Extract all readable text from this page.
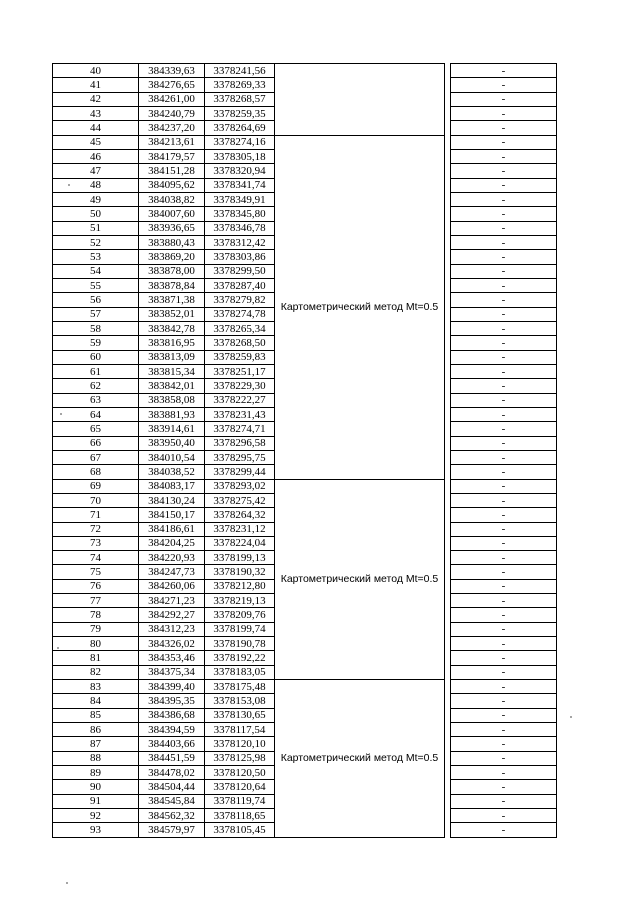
40	384339,63	3378241,56			-
41	384276,65	3378269,33			-
42	384261,00	3378268,57			-
43	384240,79	3378259,35			-
44	384237,20	3378264,69			-
45	384213,61	3378274,16	Картометрический метод Mt=0.5		-
46	384179,57	3378305,18			-
47	384151,28	3378320,94			-
48	384095,62	3378341,74			-
49	384038,82	3378349,91			-
50	384007,60	3378345,80			-
51	383936,65	3378346,78			-
52	383880,43	3378312,42			-
53	383869,20	3378303,86			-
54	383878,00	3378299,50			-
55	383878,84	3378287,40			-
56	383871,38	3378279,82			-
57	383852,01	3378274,78			-
58	383842,78	3378265,34			-
59	383816,95	3378268,50			-
60	383813,09	3378259,83			-
61	383815,34	3378251,17			-
62	383842,01	3378229,30			-
63	383858,08	3378222,27			-
64	383881,93	3378231,43			-
65	383914,61	3378274,71			-
66	383950,40	3378296,58			-
67	384010,54	3378295,75			-
68	384038,52	3378299,44			-
69	384083,17	3378293,02	Картометрический метод Mt=0.5		-
70	384130,24	3378275,42			-
71	384150,17	3378264,32			-
72	384186,61	3378231,12			-
73	384204,25	3378224,04			-
74	384220,93	3378199,13			-
75	384247,73	3378190,32			-
76	384260,06	3378212,80			-
77	384271,23	3378219,13			-
78	384292,27	3378209,76			-
79	384312,23	3378199,74			-
80	384326,02	3378190,78			-
81	384353,46	3378192,22			-
82	384375,34	3378183,05			-
83	384399,40	3378175,48	Картометрический метод Mt=0.5		-
84	384395,35	3378153,08			-
85	384386,68	3378130,65			-
86	384394,59	3378117,54			-
87	384403,66	3378120,10			-
88	384451,59	3378125,98			-
89	384478,02	3378120,50			-
90	384504,44	3378120,64			-
91	384545,84	3378119,74			-
92	384562,32	3378118,65			-
93	384579,97	3378105,45			-
